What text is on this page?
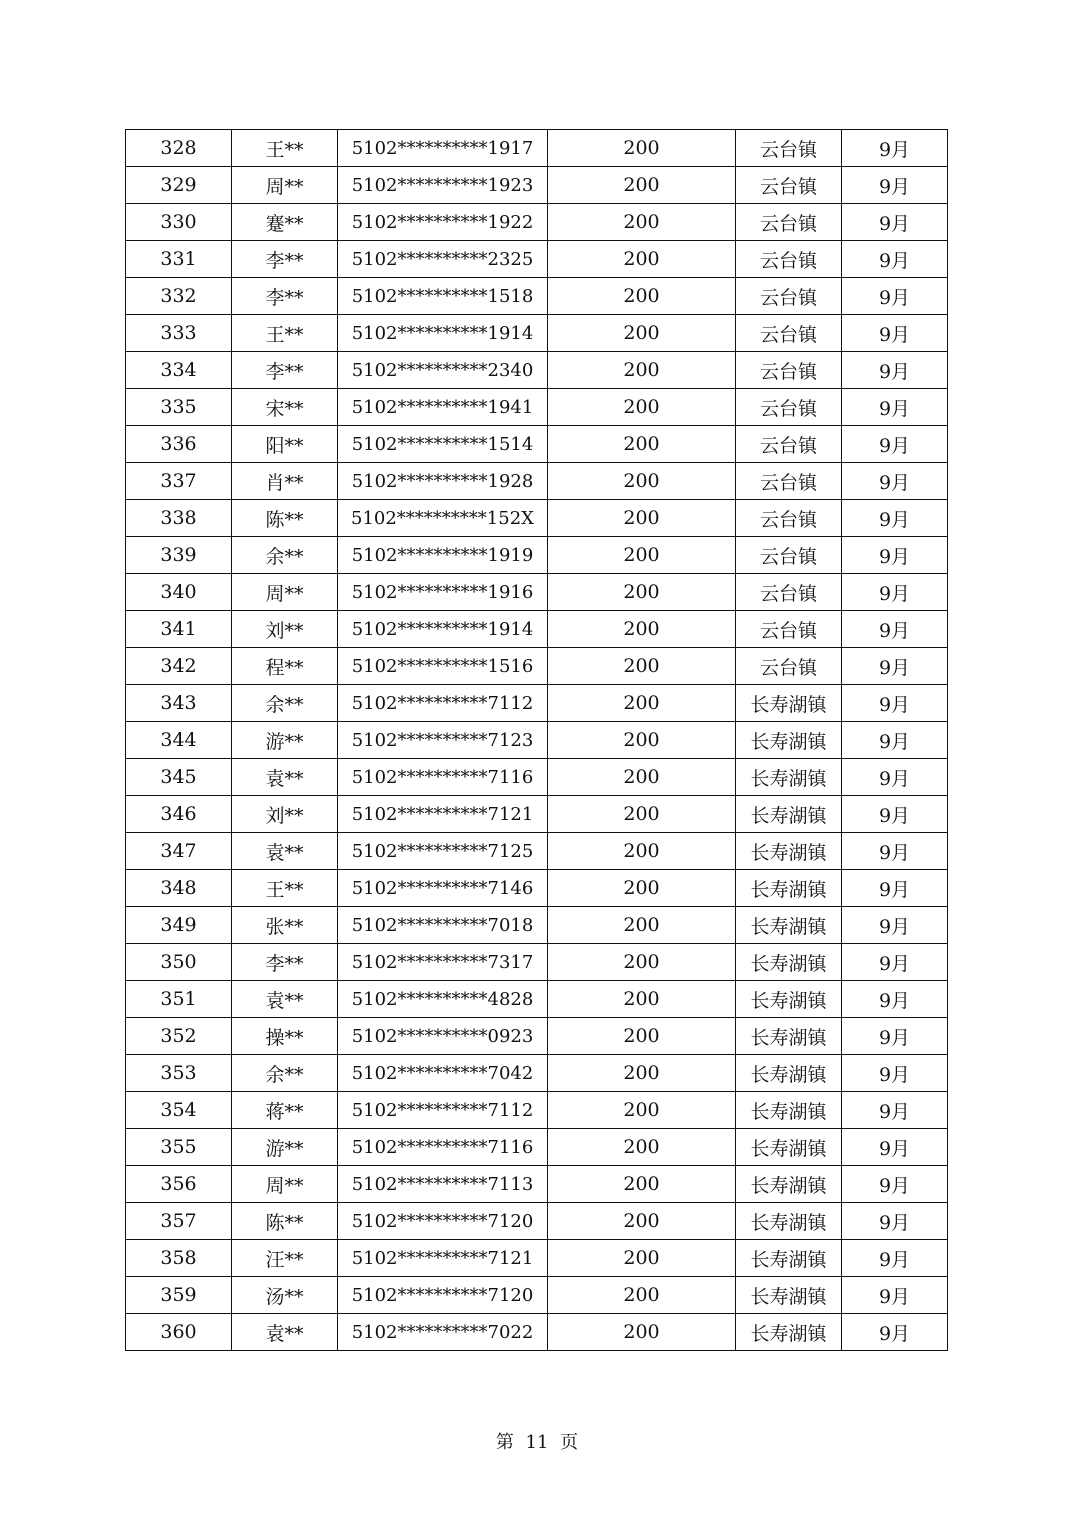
328	王**	5102**********1917	200	云台镇	9月
329	周**	5102**********1923	200	云台镇	9月
330	蹇**	5102**********1922	200	云台镇	9月
331	李**	5102**********2325	200	云台镇	9月
332	李**	5102**********1518	200	云台镇	9月
333	王**	5102**********1914	200	云台镇	9月
334	李**	5102**********2340	200	云台镇	9月
335	宋**	5102**********1941	200	云台镇	9月
336	阳**	5102**********1514	200	云台镇	9月
337	肖**	5102**********1928	200	云台镇	9月
338	陈**	5102**********152X	200	云台镇	9月
339	余**	5102**********1919	200	云台镇	9月
340	周**	5102**********1916	200	云台镇	9月
341	刘**	5102**********1914	200	云台镇	9月
342	程**	5102**********1516	200	云台镇	9月
343	余**	5102**********7112	200	长寿湖镇	9月
344	游**	5102**********7123	200	长寿湖镇	9月
345	袁**	5102**********7116	200	长寿湖镇	9月
346	刘**	5102**********7121	200	长寿湖镇	9月
347	袁**	5102**********7125	200	长寿湖镇	9月
348	王**	5102**********7146	200	长寿湖镇	9月
349	张**	5102**********7018	200	长寿湖镇	9月
350	李**	5102**********7317	200	长寿湖镇	9月
351	袁**	5102**********4828	200	长寿湖镇	9月
352	操**	5102**********0923	200	长寿湖镇	9月
353	余**	5102**********7042	200	长寿湖镇	9月
354	蒋**	5102**********7112	200	长寿湖镇	9月
355	游**	5102**********7116	200	长寿湖镇	9月
356	周**	5102**********7113	200	长寿湖镇	9月
357	陈**	5102**********7120	200	长寿湖镇	9月
358	汪**	5102**********7121	200	长寿湖镇	9月
359	汤**	5102**********7120	200	长寿湖镇	9月
360	袁**	5102**********7022	200	长寿湖镇	9月
第 11 页
